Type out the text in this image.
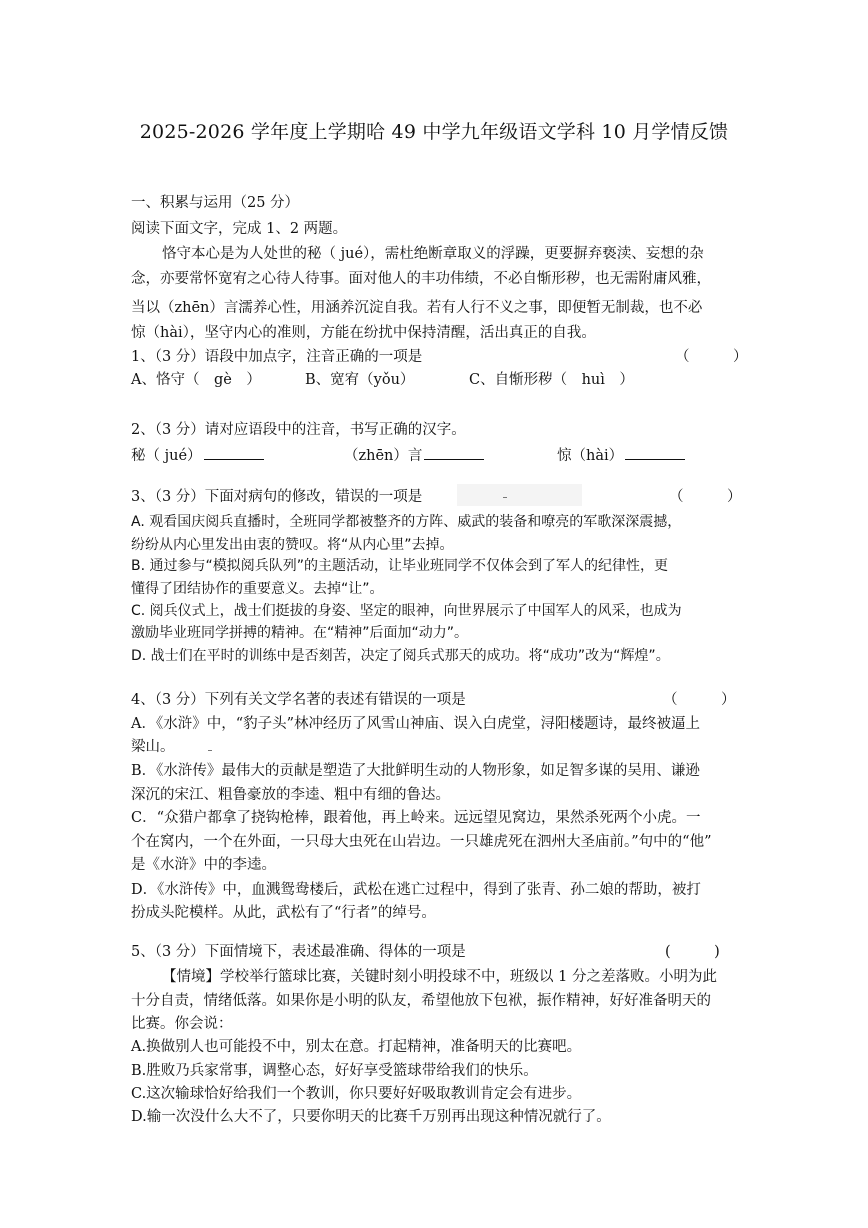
2025-2026 学年度上学期哈 49 中学九年级语文学科 10 月学情反馈
一、积累与运用（25 分）
阅读下面文字，完成 1、2 两题。
恪守本心是为人处世的秘（ jué），需杜绝断章取义的浮躁，更要摒弃亵渎、妄想的杂
念，亦要常怀宽宥之心待人待事。面对他人的丰功伟绩，不必自惭形秽，也无需附庸风雅，
当以（zhēn）言濡养心性，用涵养沉淀自我。若有人行不义之事，即便暂无制裁，也不必
惊（hài），坚守内心的准则，方能在纷扰中保持清醒，活出真正的自我。
1、（3 分）语段中加点字，注音正确的一项是	（　　　）
A、恪守（　gè　）	B、宽宥（yǒu）	C、自惭形秽（　huì　）
2、（3 分）请对应语段中的注音，书写正确的汉字。
秘（ jué）	（zhēn）言	惊（hài）
3、（3 分）下面对病句的修改，错误的一项是	（　　　）
A. 观看国庆阅兵直播时，全班同学都被整齐的方阵、威武的装备和嘹亮的军歌深深震撼，
纷纷从内心里发出由衷的赞叹。将“从内心里”去掉。
B. 通过参与“模拟阅兵队列”的主题活动，让毕业班同学不仅体会到了军人的纪律性，更
懂得了团结协作的重要意义。去掉“让”。
C. 阅兵仪式上，战士们挺拔的身姿、坚定的眼神，向世界展示了中国军人的风采，也成为
激励毕业班同学拼搏的精神。在“精神”后面加“动力”。
D. 战士们在平时的训练中是否刻苦，决定了阅兵式那天的成功。将“成功”改为“辉煌”。
4、（3 分）下列有关文学名著的表述有错误的一项是	（　　　）
A．《水浒》中，“豹子头”林冲经历了风雪山神庙、误入白虎堂，浔阳楼题诗，最终被逼上
梁山。
B．《水浒传》最伟大的贡献是塑造了大批鲜明生动的人物形象，如足智多谋的吴用、谦逊
深沉的宋江、粗鲁豪放的李逵、粗中有细的鲁达。
C．“众猎户都拿了挠钩枪棒，跟着他，再上岭来。远远望见窝边，果然杀死两个小虎。一
个在窝内，一个在外面，一只母大虫死在山岩边。一只雄虎死在泗州大圣庙前。”句中的“他”
是《水浒》中的李逵。
D．《水浒传》中，血溅鸳鸯楼后，武松在逃亡过程中，得到了张青、孙二娘的帮助，被打
扮成头陀模样。从此，武松有了“行者”的绰号。
5、（3 分）下面情境下，表述最准确、得体的一项是	(　　　)
【情境】学校举行篮球比赛，关键时刻小明投球不中，班级以 1 分之差落败。小明为此
十分自责，情绪低落。如果你是小明的队友，希望他放下包袱，振作精神，好好准备明天的
比赛。你会说：
A.换做别人也可能投不中，别太在意。打起精神，准备明天的比赛吧。
B.胜败乃兵家常事，调整心态，好好享受篮球带给我们的快乐。
C.这次输球恰好给我们一个教训，你只要好好吸取教训肯定会有进步。
D.输一次没什么大不了，只要你明天的比赛千万别再出现这种情况就行了。
